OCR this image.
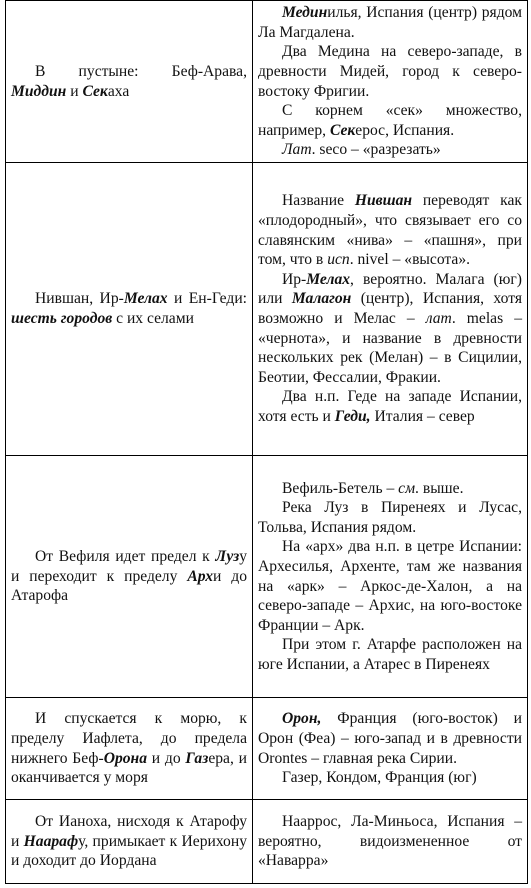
В пустыне: Беф-Арава, Миддин и Секаха	Мединилья, Испания (центр) рядом Ла Магдалена.

Два Медина на северо-западе, в древности Мидей, город к северо-востоку Фригии.

С корнем «сек» множество, например, Секерос, Испания.

Лат. seco – «разрезать»

Нившан, Ир-Мелах и Ен-Геди: шесть городов с их селами	Название Нившан переводят как «плодородный», что связывает его со славянским «нива» – «пашня», при том, что в исп. nivel – «высота».

Ир-Мелах, вероятно. Малага (юг) или Малагон (центр), Испания, хотя возможно и Мелас – лат. melas – «чернота», и название в древности нескольких рек (Мелан) – в Сицилии, Беотии, Фессалии, Фракии.

Два н.п. Геде на западе Испании, хотя есть и Геди, Италия – север

От Вефиля идет предел к Лузу и переходит к пределу Архи до Атарофа	Вефиль-Бетель – см. выше.

Река Луз в Пиренеях и Лусас, Тольва, Испания рядом.

На «арх» два н.п. в цетре Испании: Архесилья, Архенте, там же названия на «арк» – Аркос-де-Халон, а на северо-западе – Архис, на юго-востоке Франции – Арк.

При этом г. Атарфе расположен на юге Испании, а Атарес в Пиренеях

И спускается к морю, к пределу Иафлета, до предела нижнего Беф-Орона и до Газера, и оканчивается у моря	Орон, Франция (юго-восток) и Орон (Феа) – юго-запад и в древности Orontes – главная река Сирии.

Газер, Кондом, Франция (юг)

От Ианоха, нисходя к Атарофу и Наарафу, примыкает к Иерихону и доходит до Иордана	Наарроc, Ла-Миньоса, Испания – вероятно, видоизмененное от «Наварра»
